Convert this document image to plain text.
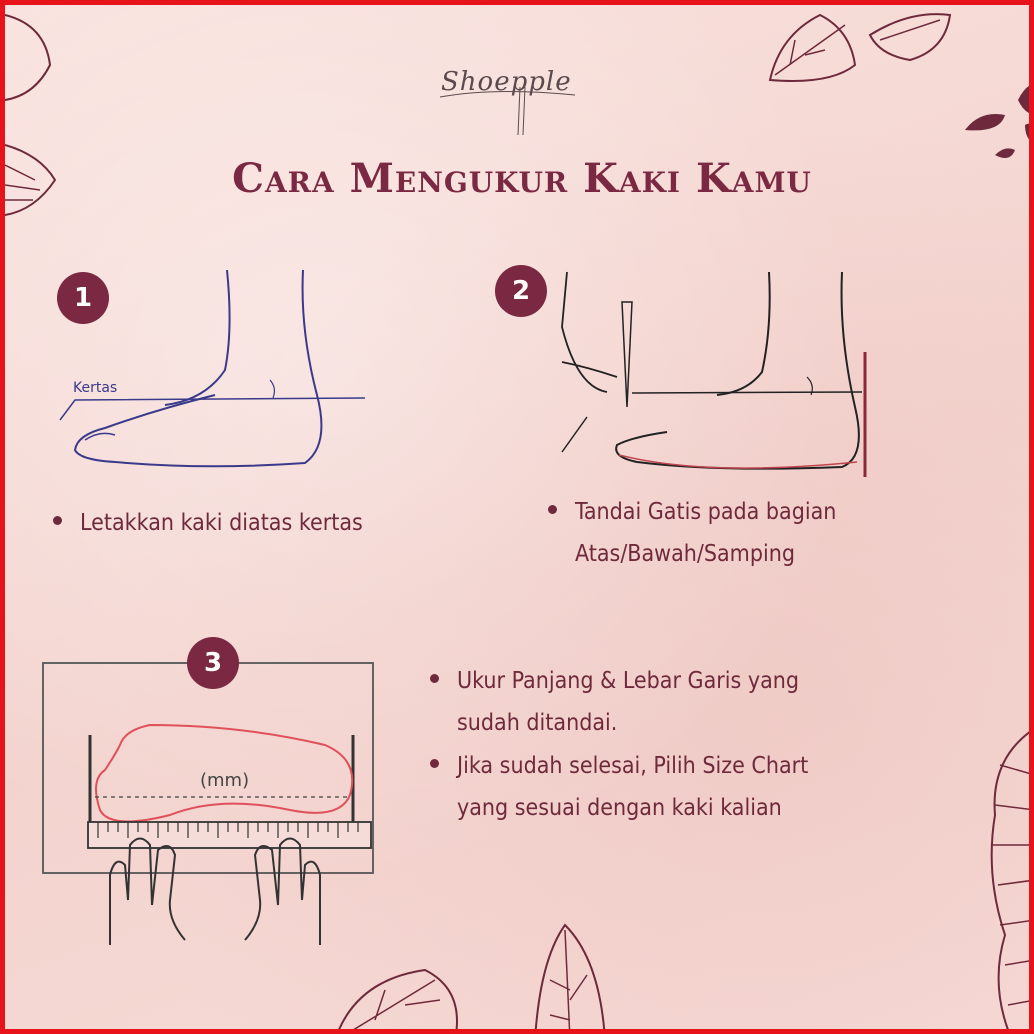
Shoepple
Cara Mengukur Kaki Kamu
1
Kertas
Letakkan kaki diatas kertas
2
Tandai Gatis pada bagian
Atas/Bawah/Samping
(mm)
3
Ukur Panjang & Lebar Garis yang
sudah ditandai.
Jika sudah selesai, Pilih Size Chart
yang sesuai dengan kaki kalian
